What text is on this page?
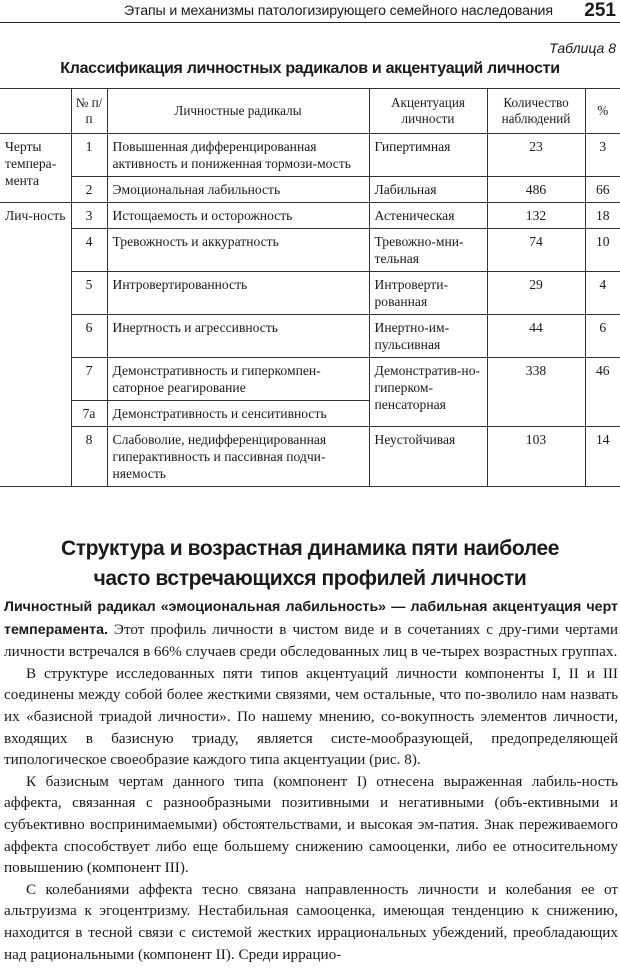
Этапы и механизмы патологизирующего семейного наследования 251
Таблица 8
Классификация личностных радикалов и акцентуаций личности
	№ п/п	Личностные радикалы	Акцентуация личности	Количество наблюдений	%
Черты темпера-мента	1	Повышенная дифференцированная активность и пониженная тормози-мость	Гипертимная	23	3
	2	Эмоциональная лабильность	Лабильная	486	66
Лич-ность	3	Истощаемость и осторожность	Астеническая	132	18
	4	Тревожность и аккуратность	Тревожно-мни-тельная	74	10
	5	Интровертированность	Интроверти-рованная	29	4
	6	Инертность и агрессивность	Инертно-им-пульсивная	44	6
	7	Демонстративность и гиперкомпен-саторное реагирование	Демонстратив-но-гиперком-пенсаторная	338	46
	7а	Демонстративность и сенситивность			
	8	Слабоволие, недифференцированная гиперактивность и пассивная подчи-няемость	Неустойчивая	103	14
Структура и возрастная динамика пяти наиболее
часто встречающихся профилей личности

Личностный радикал «эмоциональная лабильность» — лабильная акцентуация черт темперамента. Этот профиль личности в чистом виде и в сочетаниях с дру-гими чертами личности встречался в 66% случаев среди обследованных лиц в че-тырех возрастных группах.

В структуре исследованных пяти типов акцентуаций личности компоненты I, II и III соединены между собой более жесткими связями, чем остальные, что по-зволило нам назвать их «базисной триадой личности». По нашему мнению, со-вокупность элементов личности, входящих в базисную триаду, является систе-мообразующей, предопределяющей типологическое своеобразие каждого типа акцентуации (рис. 8).

К базисным чертам данного типа (компонент I) отнесена выраженная лабиль-ность аффекта, связанная с разнообразными позитивными и негативными (объ-ективными и субъективно воспринимаемыми) обстоятельствами, и высокая эм-патия. Знак переживаемого аффекта способствует либо еще большему снижению самооценки, либо ее относительному повышению (компонент III).

С колебаниями аффекта тесно связана направленность личности и колебания ее от альтруизма к эгоцентризму. Нестабильная самооценка, имеющая тенденцию к снижению, находится в тесной связи с системой жестких иррациональных убеждений, преобладающих над рациональными (компонент II). Среди иррацио-
